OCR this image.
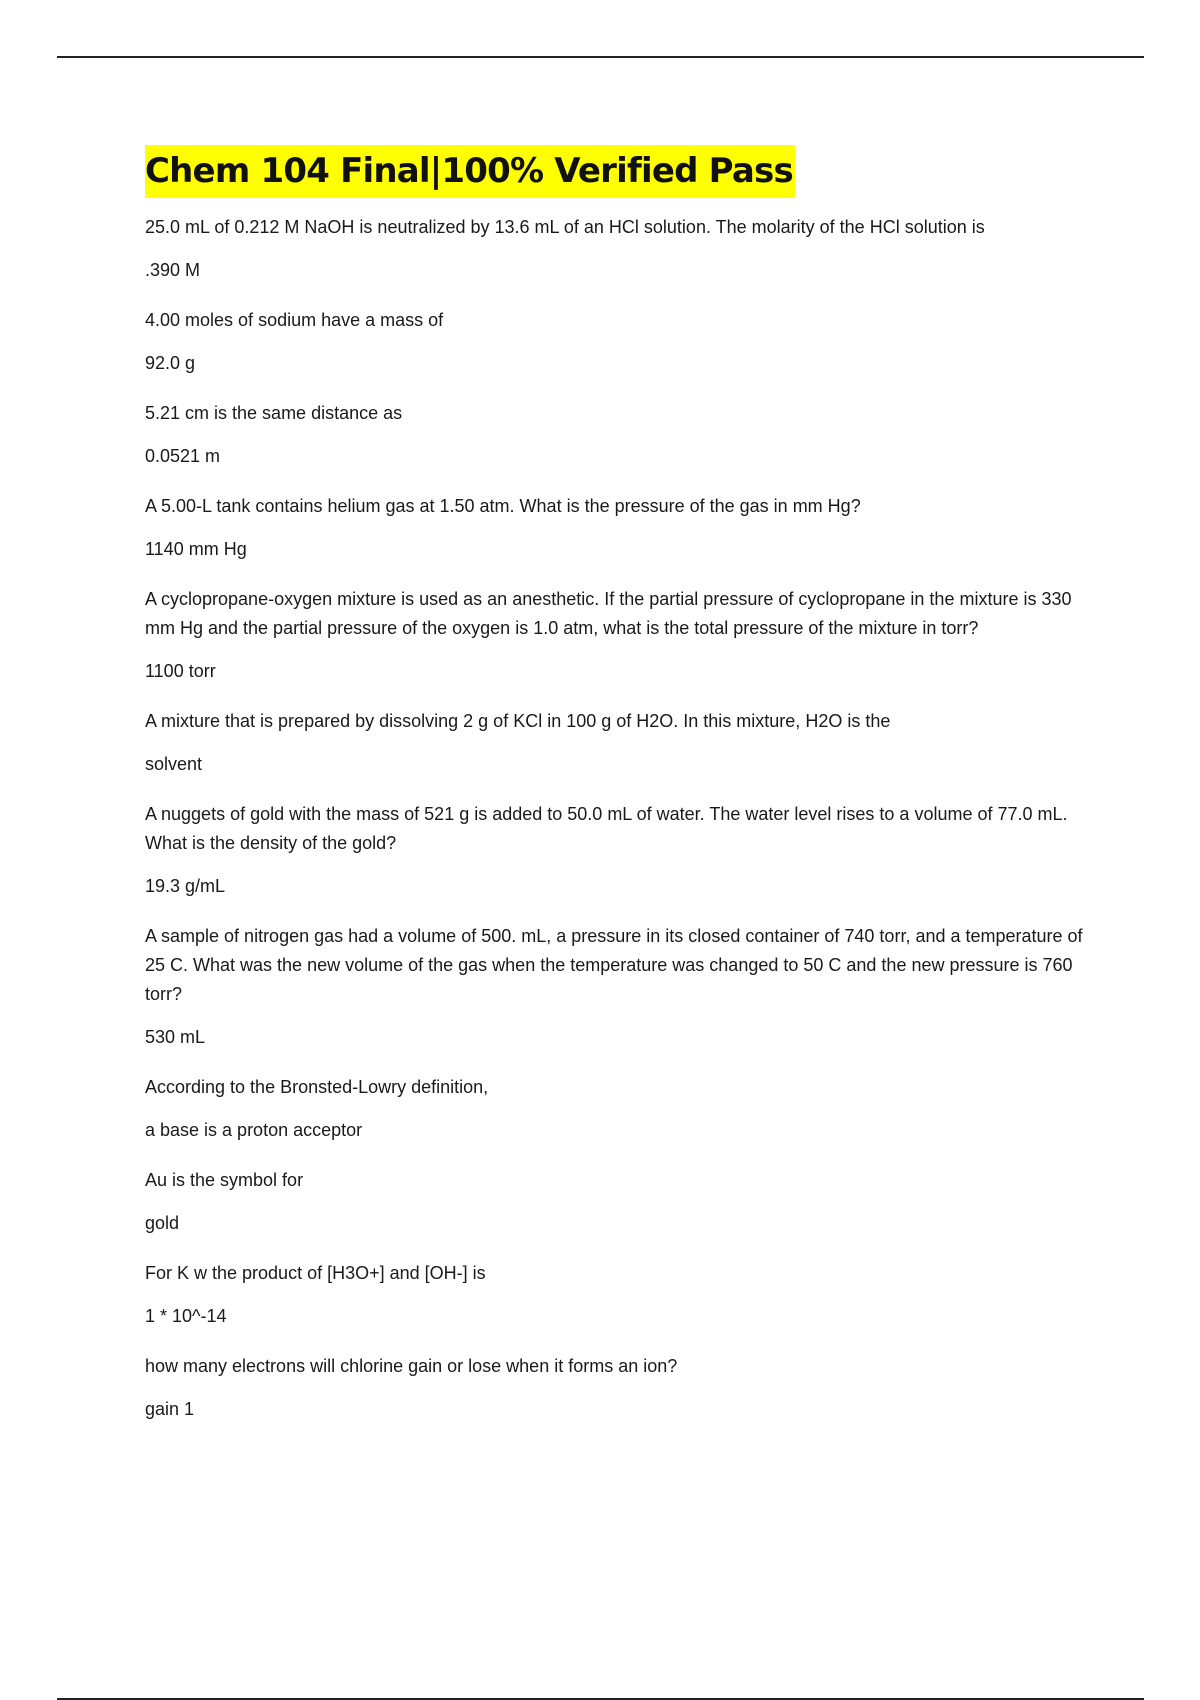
Chem 104 Final|100% Verified Pass

25.0 mL of 0.212 M NaOH is neutralized by 13.6 mL of an HCl solution. The molarity of the HCl solution is

.390 M

4.00 moles of sodium have a mass of

92.0 g

5.21 cm is the same distance as

0.0521 m

A 5.00-L tank contains helium gas at 1.50 atm. What is the pressure of the gas in mm Hg?

1140 mm Hg

A cyclopropane-oxygen mixture is used as an anesthetic. If the partial pressure of cyclopropane in the mixture is 330 mm Hg and the partial pressure of the oxygen is 1.0 atm, what is the total pressure of the mixture in torr?

1100 torr

A mixture that is prepared by dissolving 2 g of KCl in 100 g of H2O. In this mixture, H2O is the

solvent

A nuggets of gold with the mass of 521 g is added to 50.0 mL of water. The water level rises to a volume of 77.0 mL. What is the density of the gold?

19.3 g/mL

A sample of nitrogen gas had a volume of 500. mL, a pressure in its closed container of 740 torr, and a temperature of 25 C. What was the new volume of the gas when the temperature was changed to 50 C and the new pressure is 760 torr?

530 mL

According to the Bronsted-Lowry definition,

a base is a proton acceptor

Au is the symbol for

gold

For K w the product of [H3O+] and [OH-] is

1 * 10^-14

how many electrons will chlorine gain or lose when it forms an ion?

gain 1
